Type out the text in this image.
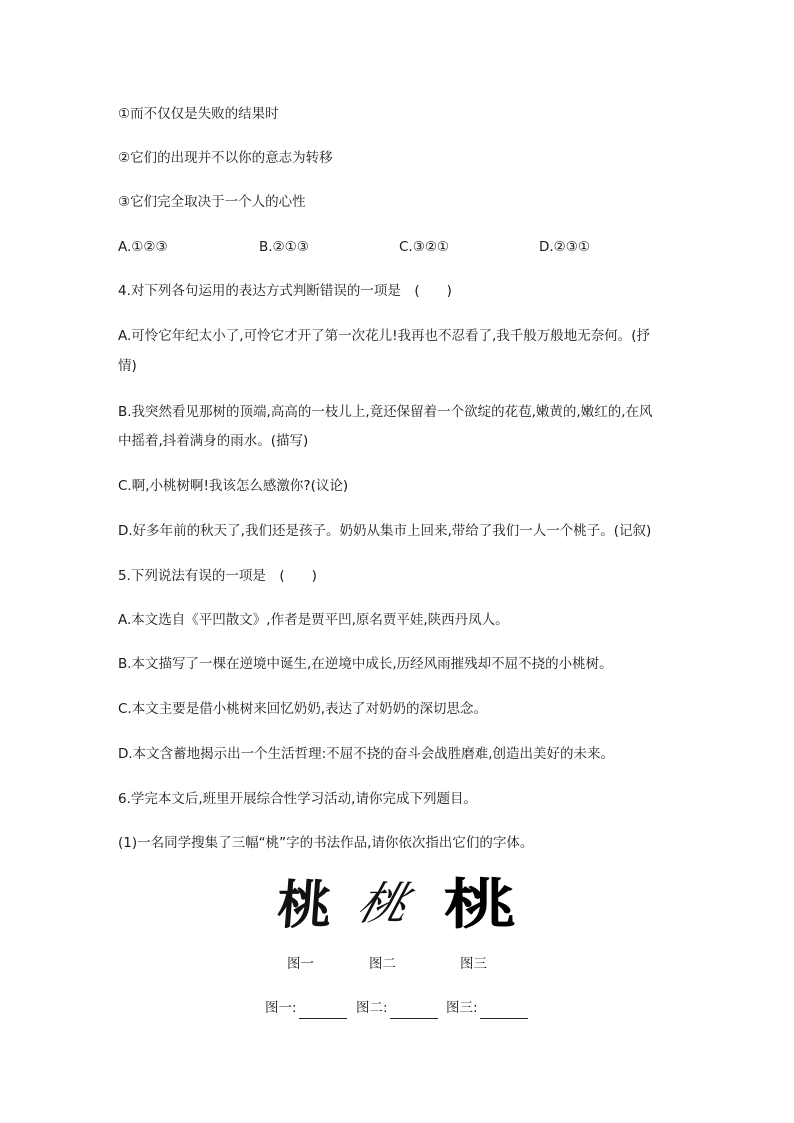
①而不仅仅是失败的结果时
②它们的出现并不以你的意志为转移
③它们完全取决于一个人的心性
A.①②③	B.②①③	C.③②①	D.②③①
4.对下列各句运用的表达方式判断错误的一项是　(　　)
A.可怜它年纪太小了,可怜它才开了第一次花儿!我再也不忍看了,我千般万般地无奈何。(抒
情)
B.我突然看见那树的顶端,高高的一枝儿上,竟还保留着一个欲绽的花苞,嫩黄的,嫩红的,在风
中摇着,抖着满身的雨水。(描写)
C.啊,小桃树啊!我该怎么感激你?(议论)
D.好多年前的秋天了,我们还是孩子。奶奶从集市上回来,带给了我们一人一个桃子。(记叙)
5.下列说法有误的一项是　(　　)
A.本文选自《平凹散文》,作者是贾平凹,原名贾平娃,陕西丹凤人。
B.本文描写了一棵在逆境中诞生,在逆境中成长,历经风雨摧残却不屈不挠的小桃树。
C.本文主要是借小桃树来回忆奶奶,表达了对奶奶的深切思念。
D.本文含蓄地揭示出一个生活哲理:不屈不挠的奋斗会战胜磨难,创造出美好的未来。
6.学完本文后,班里开展综合性学习活动,请你完成下列题目。
(1)一名同学搜集了三幅“桃”字的书法作品,请你依次指出它们的字体。
桃 桃 桃
图一	图二	图三
图一:	图二:	图三:
